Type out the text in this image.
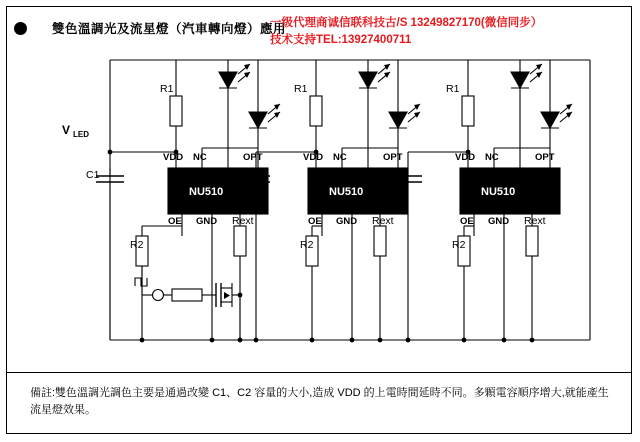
雙色溫調光及流星燈（汽車轉向燈）應用
一级代理商诚信联科技古/S 13249827170(微信同步）
技术支持TEL:13927400711
V LED
R1
C1
R2
Rext
VDD NC	OPT
OE GND
NU510
R1
C2
R2
Rext
VDD NC	OPT
OE GND
NU510
R1
Cn
R2
Rext
VDD NC	OPT
OE GND
NU510
備註:雙色溫調光調色主要是通過改變 C1、C2 容量的大小,造成 VDD 的上電時間延時不同。多顆電容順序增大,就能產生流星燈效果。
